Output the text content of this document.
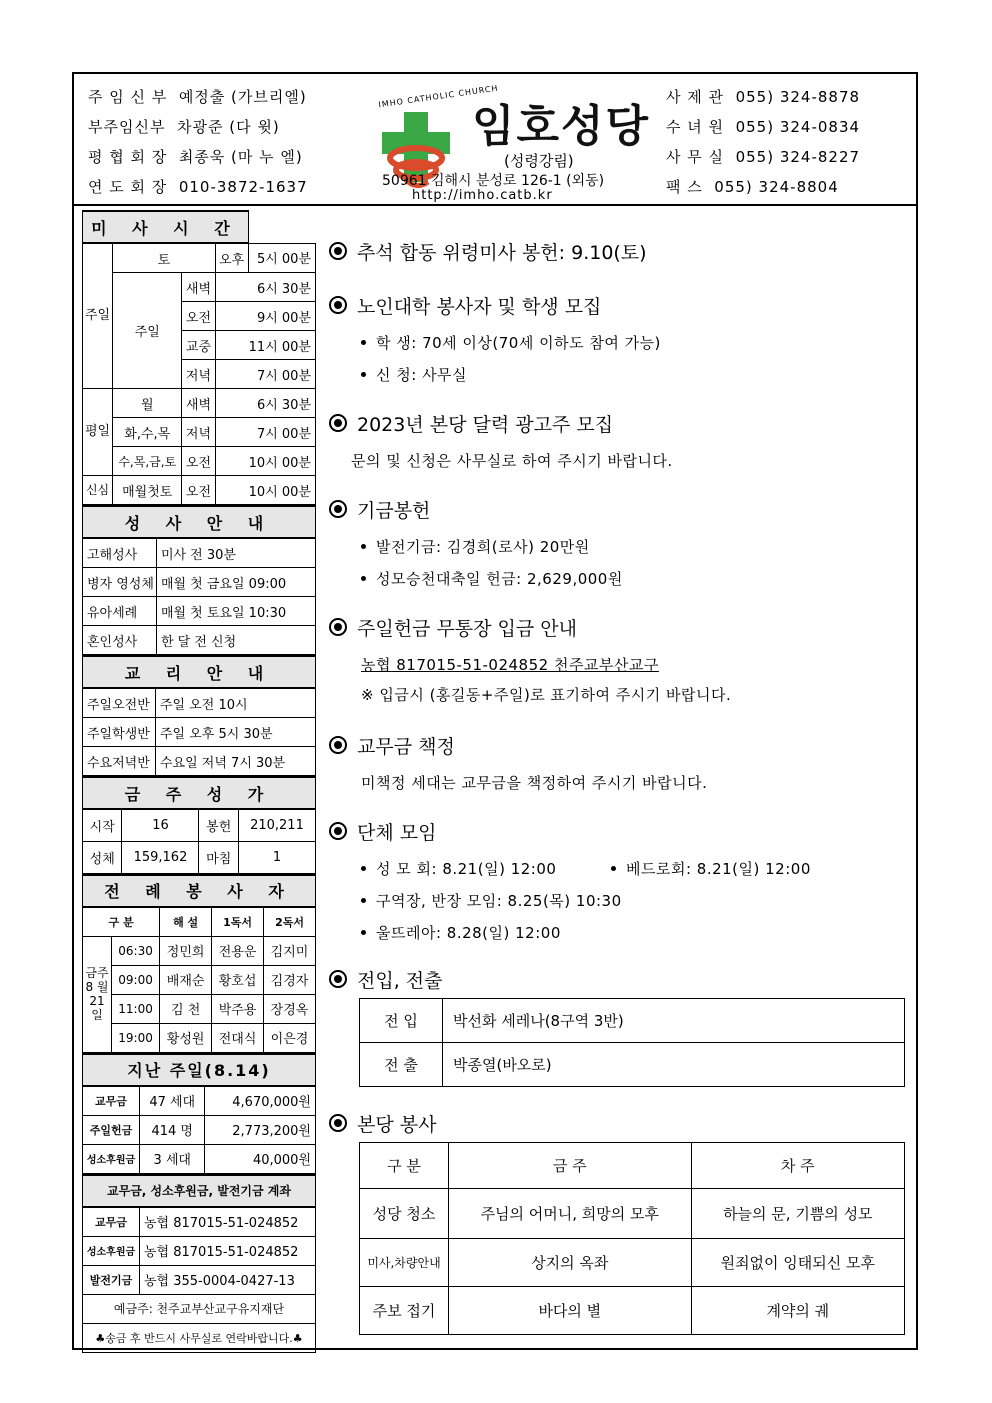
주 임 신 부 예정출 (가브리엘)
부주임신부 차광준 (다 윗)
평 협 회 장 최종욱 (마 누 엘)
연 도 회 장 010-3872-1637
IMHO CATHOLIC CHURCH
임호성당
(성령강림)
50961 김해시 분성로 126-1 (외동)
http://imho.catb.kr
사 제 관 055) 324-8878
수 녀 원 055) 324-0834
사 무 실 055) 324-8227
팩 스 055) 324-8804
미 사 시 간				
주일	토		오후	5시 00분
	주일	새벽	6시 30분	
		오전	9시 00분	
		교중	11시 00분	
		저녁	7시 00분	
평일	월	새벽	6시 30분	
	화,수,목	저녁	7시 00분	
	수,목,금,토	오전	10시 00분	
신심	매월첫토	오전	10시 00분	
성 사 안 내	
고해성사	미사 전 30분
병자 영성체	매월 첫 금요일 09:00
유아세례	매월 첫 토요일 10:30
혼인성사	한 달 전 신청
교 리 안 내	
주일오전반	주일 오전 10시
주일학생반	주일 오후 5시 30분
수요저녁반	수요일 저녁 7시 30분
금 주 성 가			
시작	16	봉헌	210,211
성체	159,162	마침	1
전 례 봉 사 자				
구 분		해 설	1독서	2독서
금주 8 월 21 일	06:30	정민희	전용운	김지미
	09:00	배재순	황호섭	김경자
	11:00	김 천	박주용	장경옥
	19:00	황성원	전대식	이은경
지난 주일(8.14)		
교무금	47 세대	4,670,000원
주일헌금	414 명	2,773,200원
성소후원금	3 세대	40,000원
교무금, 성소후원금, 발전기금 계좌	
교무금	농협 817015-51-024852
성소후원금	농협 817015-51-024852
발전기금	농협 355-0004-0427-13
예금주: 천주교부산교구유지재단	
♣송금 후 반드시 사무실로 연락바랍니다.♣	
추석 합동 위령미사 봉헌: 9.10(토)
노인대학 봉사자 및 학생 모집
학 생: 70세 이상(70세 이하도 참여 가능)
신 청: 사무실
2023년 본당 달력 광고주 모집
문의 및 신청은 사무실로 하여 주시기 바랍니다.
기금봉헌
발전기금: 김경희(로사) 20만원
성모승천대축일 헌금: 2,629,000원
주일헌금 무통장 입금 안내
농협 817015-51-024852 천주교부산교구
※ 입금시 (홍길동+주일)로 표기하여 주시기 바랍니다.
교무금 책정
미책정 세대는 교무금을 책정하여 주시기 바랍니다.
단체 모임
성 모 회: 8.21(일) 12:00	베드로회: 8.21(일) 12:00
구역장, 반장 모임: 8.25(목) 10:30
울뜨레아: 8.28(일) 12:00
전입, 전출
전 입	박선화 세레나(8구역 3반)
전 출	박종열(바오로)
본당 봉사
구 분	금 주	차 주
성당 청소	주님의 어머니, 희망의 모후	하늘의 문, 기쁨의 성모
미사,차량안내	상지의 옥좌	원죄없이 잉태되신 모후
주보 접기	바다의 별	계약의 궤
